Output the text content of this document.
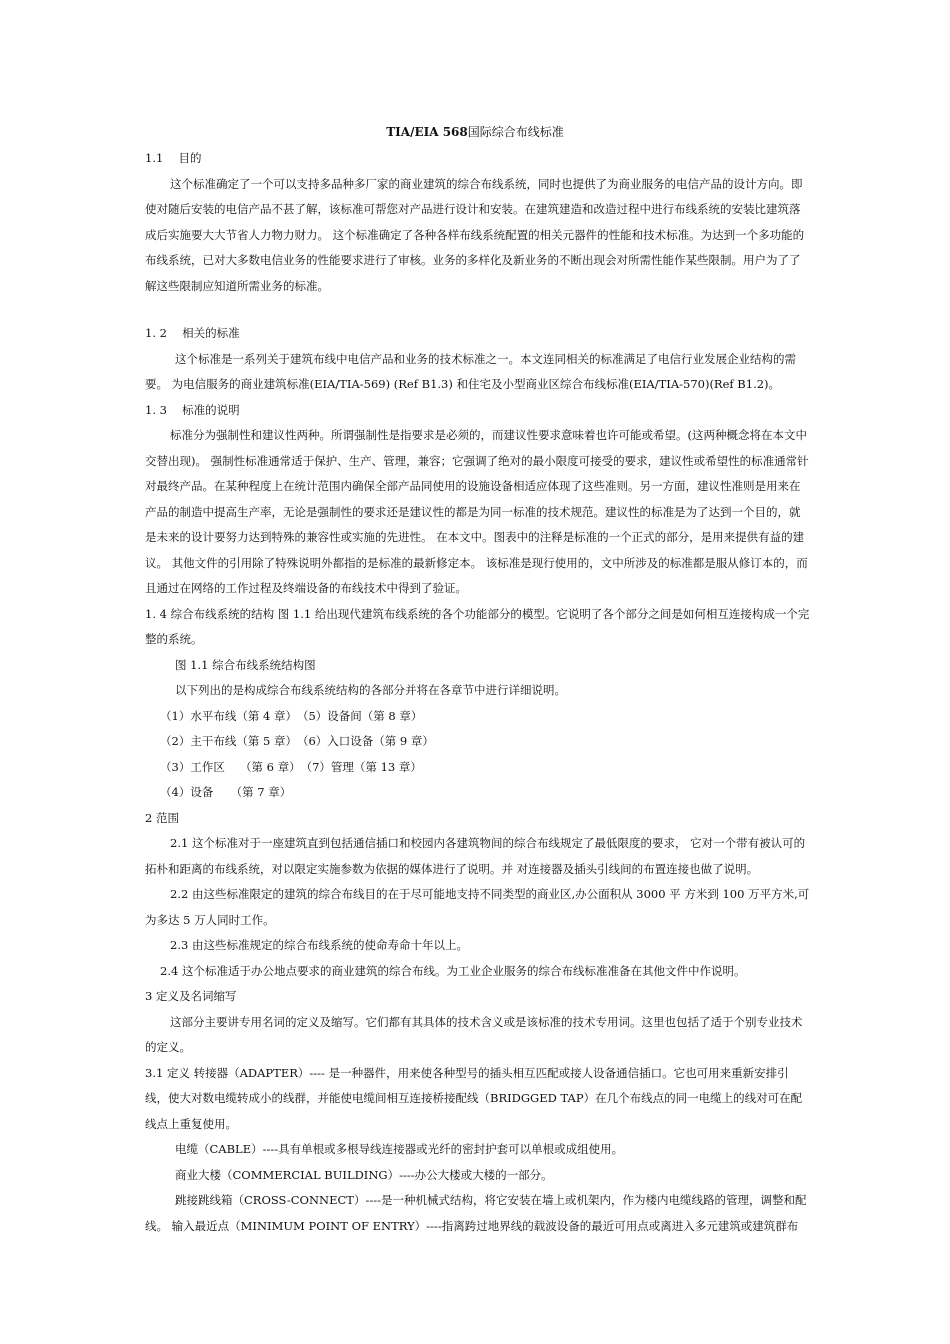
TIA/EIA 568国际综合布线标准

1.1　 目的

这个标准确定了一个可以支持多品种多厂家的商业建筑的综合布线系统，同时也提供了为商业服务的电信产品的设计方向。即使对随后安装的电信产品不甚了解，该标准可帮您对产品进行设计和安装。在建筑建造和改造过程中进行布线系统的安装比建筑落成后实施要大大节省人力物力财力。 这个标准确定了各种各样布线系统配置的相关元器件的性能和技术标准。为达到一个多功能的布线系统，已对大多数电信业务的性能要求进行了审核。业务的多样化及新业务的不断出现会对所需性能作某些限制。用户为了了解这些限制应知道所需业务的标准。

1. 2　 相关的标准

这个标准是一系列关于建筑布线中电信产品和业务的技术标准之一。本文连同相关的标准满足了电信行业发展企业结构的需要。 为电信服务的商业建筑标准(EIA/TIA-569) (Ref B1.3) 和住宅及小型商业区综合布线标准(EIA/TIA-570)(Ref B1.2)。

1. 3　 标准的说明

标准分为强制性和建议性两种。所谓强制性是指要求是必须的，而建议性要求意味着也许可能或希望。(这两种概念将在本文中交替出现)。 强制性标准通常适于保护、生产、管理，兼容；它强调了绝对的最小限度可接受的要求，建议性或希望性的标准通常针对最终产品。在某种程度上在统计范围内确保全部产品同使用的设施设备相适应体现了这些准则。另一方面，建议性准则是用来在产品的制造中提高生产率，无论是强制性的要求还是建议性的都是为同一标准的技术规范。建议性的标准是为了达到一个目的，就是未来的设计要努力达到特殊的兼容性或实施的先进性。 在本文中。图表中的注释是标准的一个正式的部分，是用来提供有益的建议。 其他文件的引用除了特殊说明外都指的是标准的最新修定本。 该标准是现行使用的，文中所涉及的标准都是服从修订本的，而且通过在网络的工作过程及终端设备的布线技术中得到了验证。

1. 4 综合布线系统的结构 图 1.1 给出现代建筑布线系统的各个功能部分的模型。它说明了各个部分之间是如何相互连接构成一个完整的系统。

图 1.1 综合布线系统结构图

以下列出的是构成综合布线系统结构的各部分并将在各章节中进行详细说明。

（1）水平布线（第 4 章）　（5）设备间（第 8 章）

（2）主干布线（第 5 章）　（6）入口设备（第 9 章）

（3）工作区　 （第 6 章）　（7）管理（第 13 章）

（4）设备　　（第 7 章）

2 范围

2.1 这个标准对于一座建筑直到包括通信插口和校园内各建筑物间的综合布线规定了最低限度的要求， 它对一个带有被认可的拓朴和距离的布线系统，对以限定实施参数为依据的媒体进行了说明。并 对连接器及插头引线间的布置连接也做了说明。

2.2 由这些标准限定的建筑的综合布线目的在于尽可能地支持不同类型的商业区,办公面积从 3000 平 方米到 100 万平方米,可为多达 5 万人同时工作。

2.3 由这些标准规定的综合布线系统的使命寿命十年以上。

2.4 这个标准适于办公地点要求的商业建筑的综合布线。为工业企业服务的综合布线标准准备在其他文件中作说明。

3 定义及名词缩写

这部分主要讲专用名词的定义及缩写。它们都有其具体的技术含义或是该标准的技术专用词。这里也包括了适于个别专业技术的定义。

3.1 定义 转接器（ADAPTER）---- 是一种器件，用来使各种型号的插头相互匹配或接人设备通信插口。它也可用来重新安排引线，使大对数电缆转成小的线群，并能使电缆间相互连接桥接配线（BRIDGGED TAP）在几个布线点的同一电缆上的线对可在配线点上重复使用。

电缆（CABLE）----具有单根或多根导线连接器或光纤的密封护套可以单根或成组使用。

商业大楼（COMMERCIAL BUILDING）----办公大楼或大楼的一部分。

跳接跳线箱（CROSS-CONNECT）----是一种机械式结构，将它安装在墙上或机架内，作为楼内电缆线路的管理，调整和配线。 输入最近点（MINIMUM POINT OF ENTRY）----指离跨过地界线的载波设备的最近可用点或离进入多元建筑或建筑群布
